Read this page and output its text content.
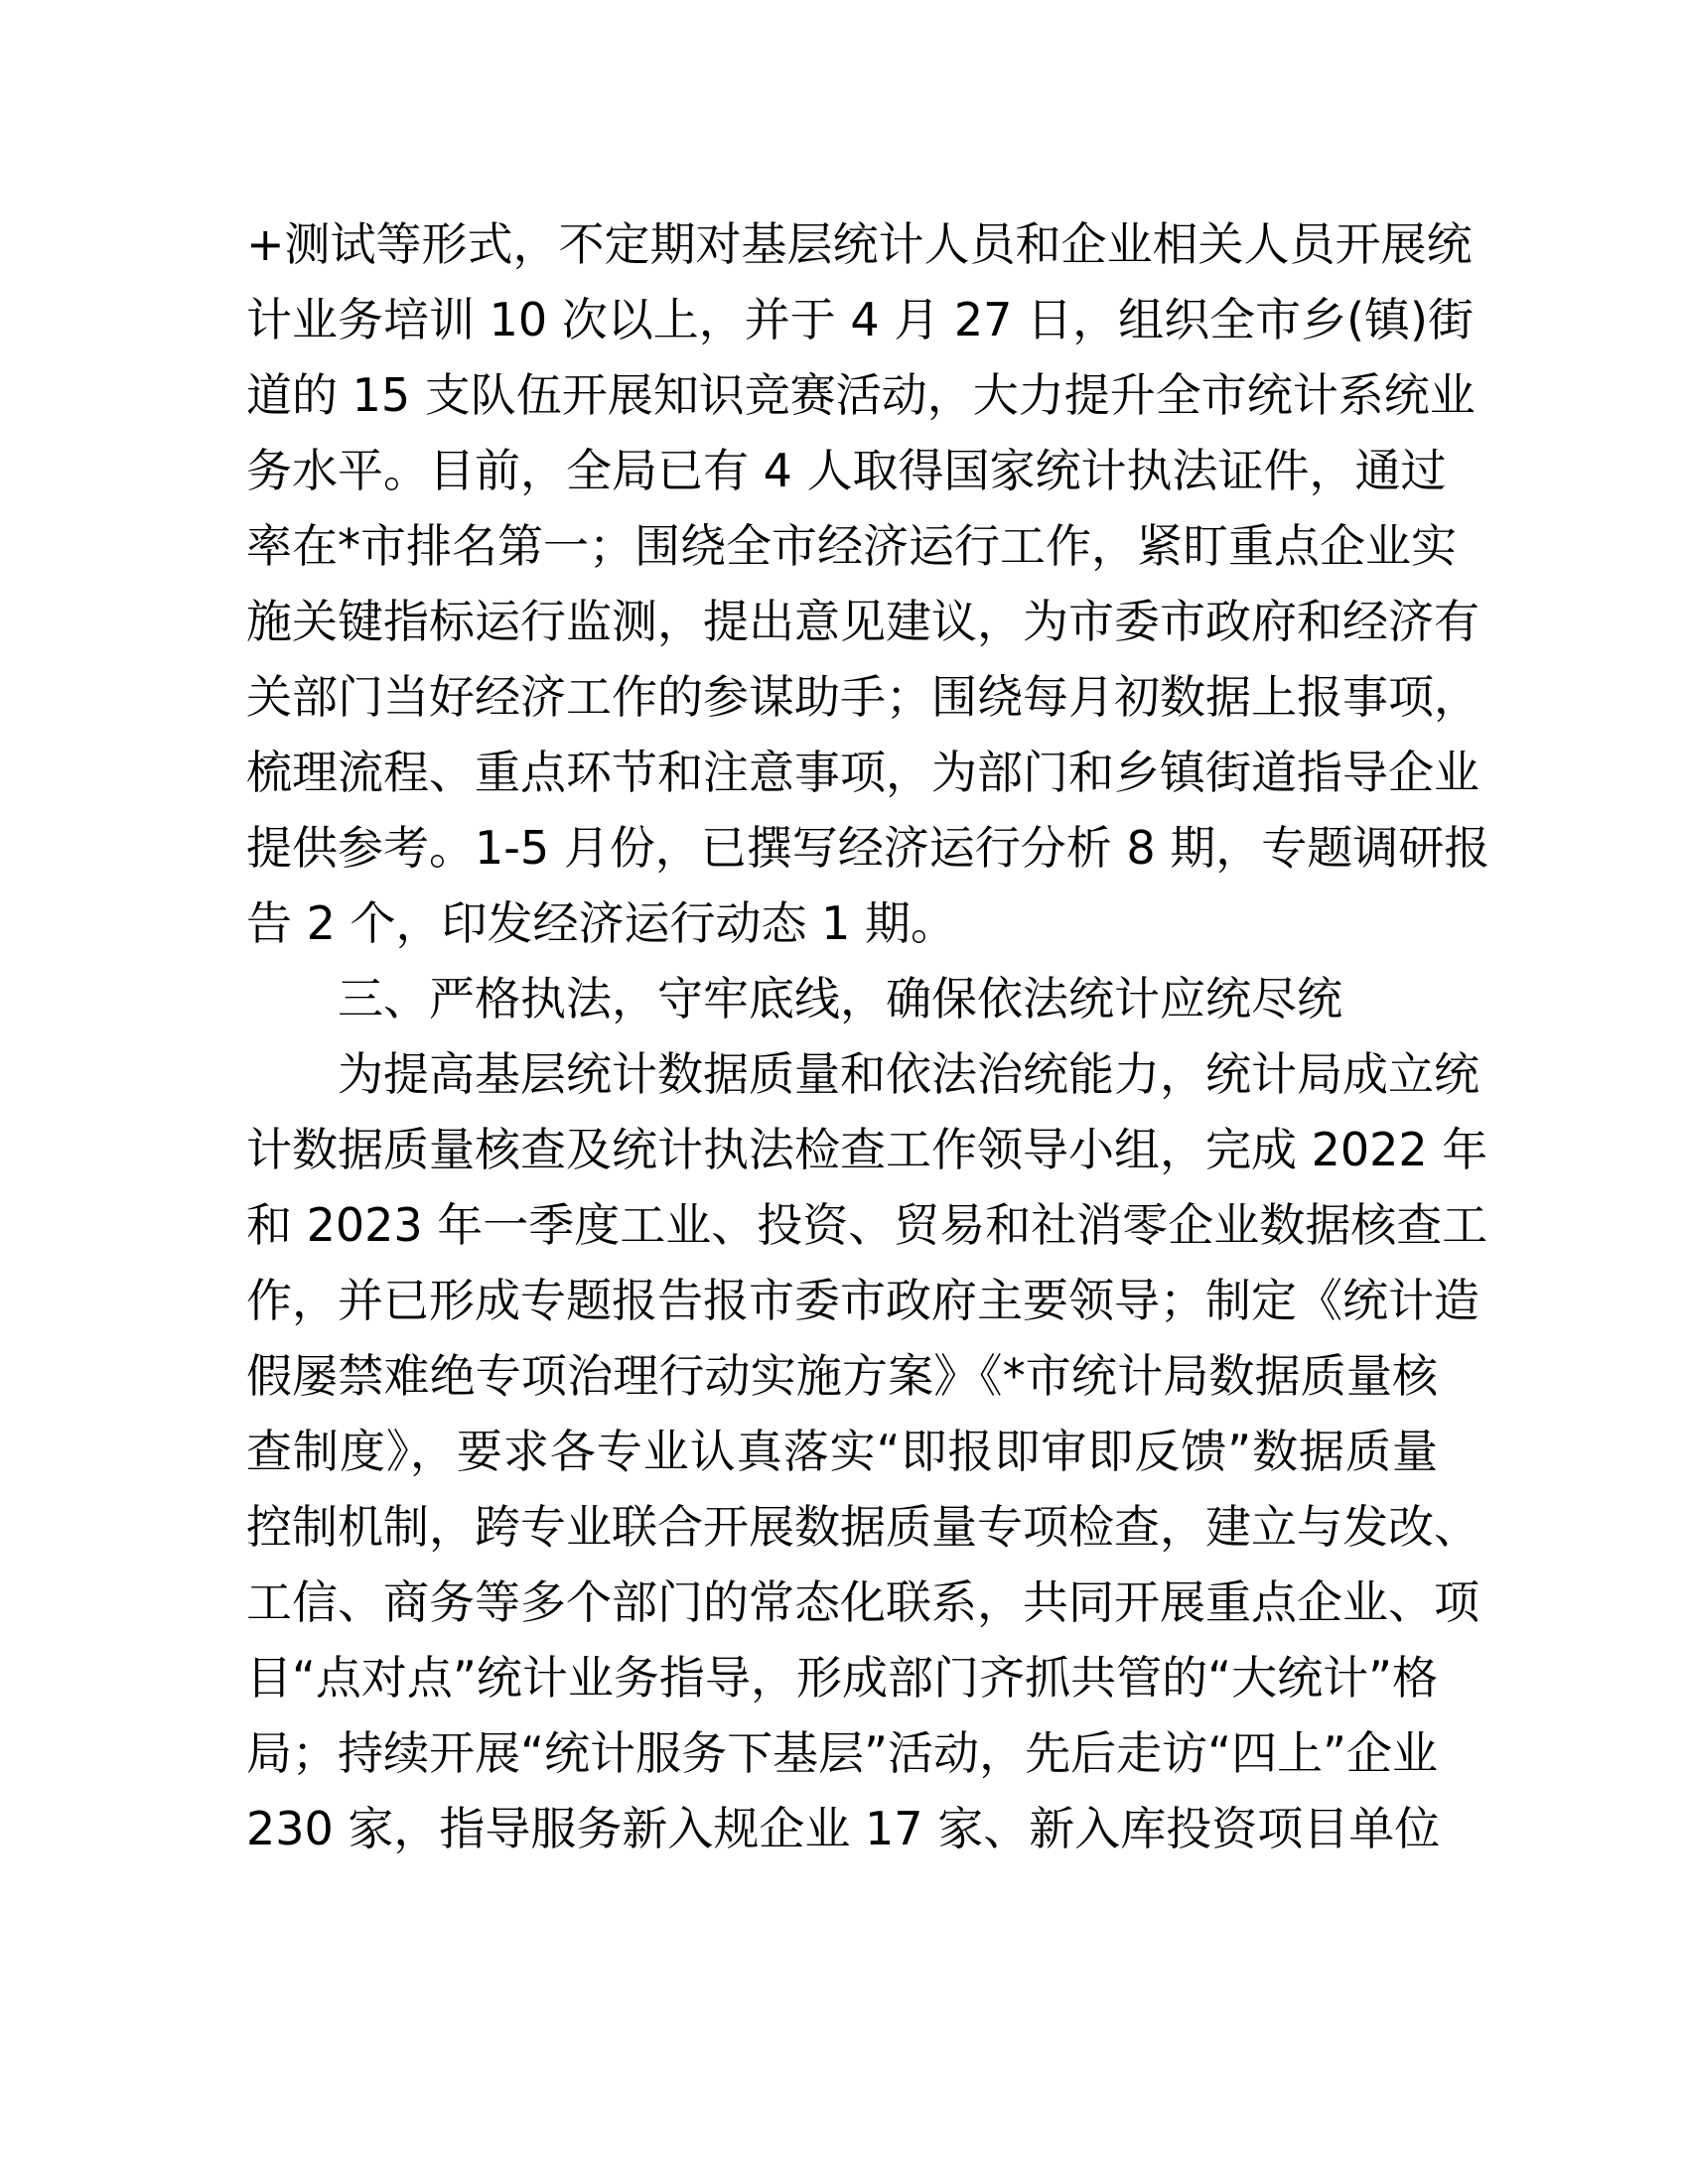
+测试等形式，不定期对基层统计人员和企业相关人员开展统
计业务培训 10 次以上，并于 4 月 27 日，组织全市乡(镇)街
道的 15 支队伍开展知识竞赛活动，大力提升全市统计系统业
务水平。目前，全局已有 4 人取得国家统计执法证件，通过
率在*市排名第一；围绕全市经济运行工作，紧盯重点企业实
施关键指标运行监测，提出意见建议，为市委市政府和经济有
关部门当好经济工作的参谋助手；围绕每月初数据上报事项，
梳理流程、重点环节和注意事项，为部门和乡镇街道指导企业
提供参考。1-5 月份，已撰写经济运行分析 8 期，专题调研报
告 2 个，印发经济运行动态 1 期。
三、严格执法，守牢底线，确保依法统计应统尽统
为提高基层统计数据质量和依法治统能力，统计局成立统
计数据质量核查及统计执法检查工作领导小组，完成 2022 年
和 2023 年一季度工业、投资、贸易和社消零企业数据核查工
作，并已形成专题报告报市委市政府主要领导；制定《统计造
假屡禁难绝专项治理行动实施方案》《*市统计局数据质量核
查制度》，要求各专业认真落实“即报即审即反馈”数据质量
控制机制，跨专业联合开展数据质量专项检查，建立与发改、
工信、商务等多个部门的常态化联系，共同开展重点企业、项
目“点对点”统计业务指导，形成部门齐抓共管的“大统计”格
局；持续开展“统计服务下基层”活动，先后走访“四上”企业
230 家，指导服务新入规企业 17 家、新入库投资项目单位
